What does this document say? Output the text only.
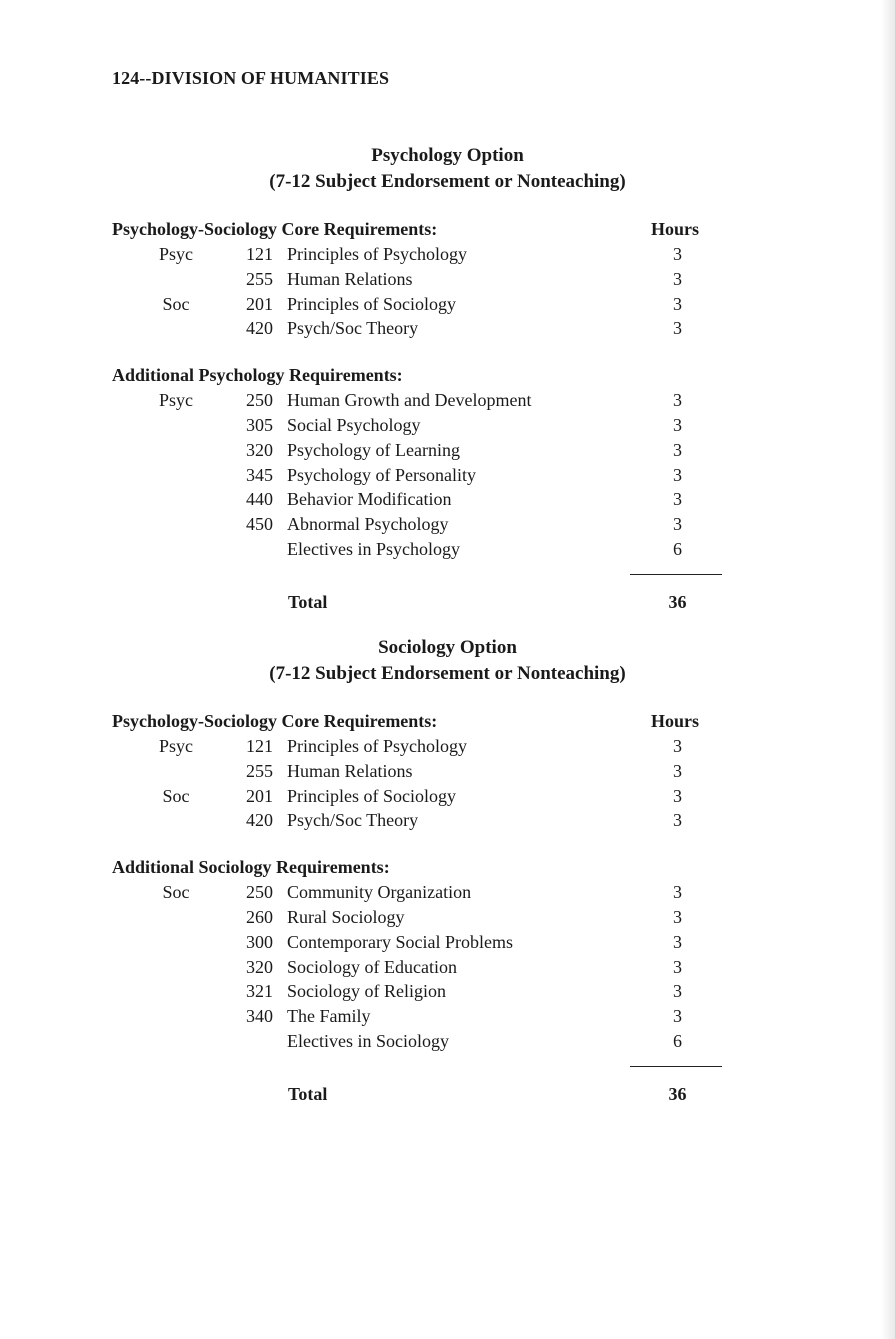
124--DIVISION OF HUMANITIES
Psychology Option
(7-12 Subject Endorsement or Nonteaching)
Psychology-Sociology Core Requirements:	Hours
Psyc	121 Principles of Psychology	3
255 Human Relations	3
Soc	201 Principles of Sociology	3
420 Psych/Soc Theory	3
Additional Psychology Requirements:
Psyc	250 Human Growth and Development	3
305 Social Psychology	3
320 Psychology of Learning	3
345 Psychology of Personality	3
440 Behavior Modification	3
450 Abnormal Psychology	3
Electives in Psychology	6
Total	36
Sociology Option
(7-12 Subject Endorsement or Nonteaching)
Psychology-Sociology Core Requirements:	Hours
Psyc	121 Principles of Psychology	3
255 Human Relations	3
Soc	201 Principles of Sociology	3
420 Psych/Soc Theory	3
Additional Sociology Requirements:
Soc	250 Community Organization	3
260 Rural Sociology	3
300 Contemporary Social Problems	3
320 Sociology of Education	3
321 Sociology of Religion	3
340 The Family	3
Electives in Sociology	6
Total	36
